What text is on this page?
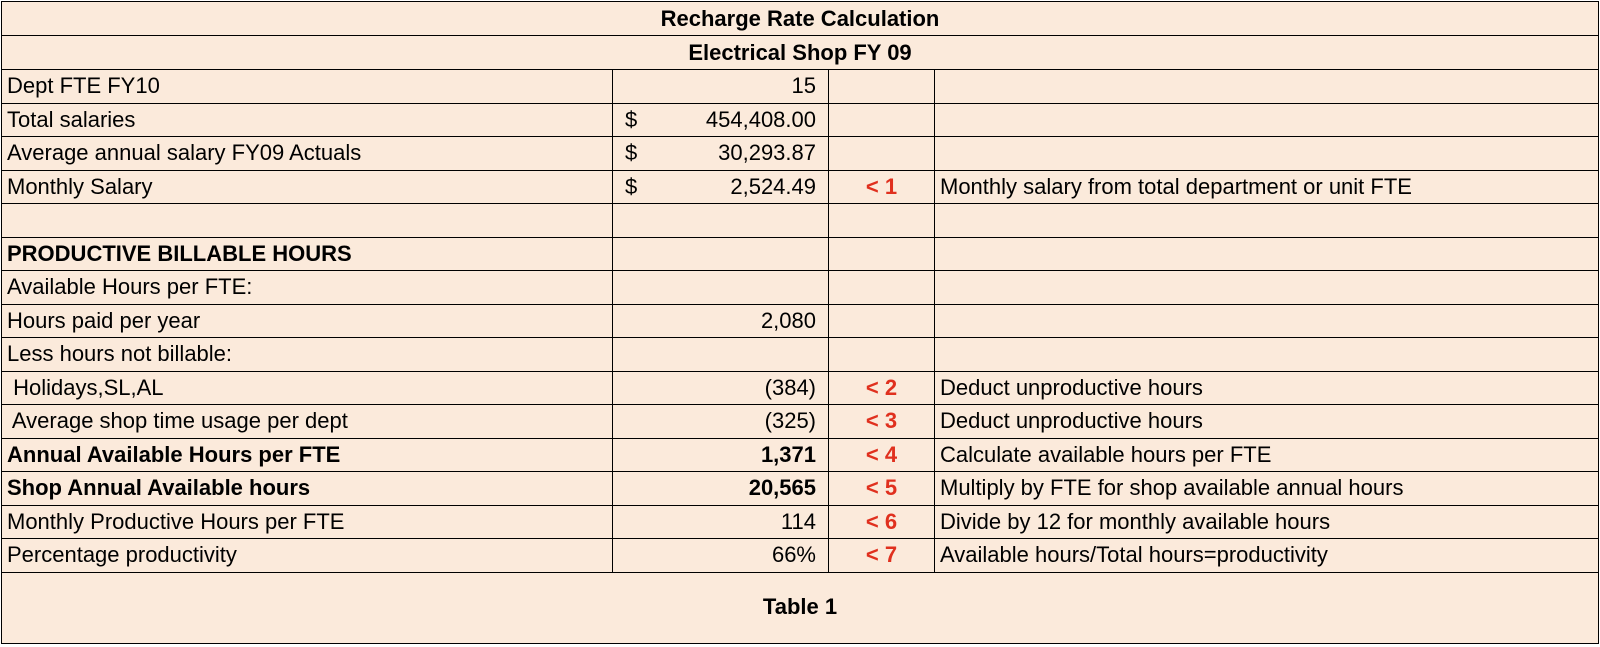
Recharge Rate Calculation
Electrical Shop FY 09
Dept FTE FY10	15
Total salaries	$	454,408.00
Average annual salary FY09 Actuals	$	30,293.87
Monthly Salary	$	2,524.49	< 1	Monthly salary from total department or unit FTE
PRODUCTIVE BILLABLE HOURS
Available Hours per FTE:
Hours paid per year	2,080
Less hours not billable:
Holidays,SL,AL	(384)	< 2	Deduct unproductive hours
Average shop time usage per dept	(325)	< 3	Deduct unproductive hours
Annual Available Hours per FTE	1,371	< 4	Calculate available hours per FTE
Shop Annual Available hours	20,565	< 5	Multiply by FTE for shop available annual hours
Monthly Productive Hours per FTE	114	< 6	Divide by 12 for monthly available hours
Percentage productivity	66%	< 7	Available hours/Total hours=productivity
Table 1
